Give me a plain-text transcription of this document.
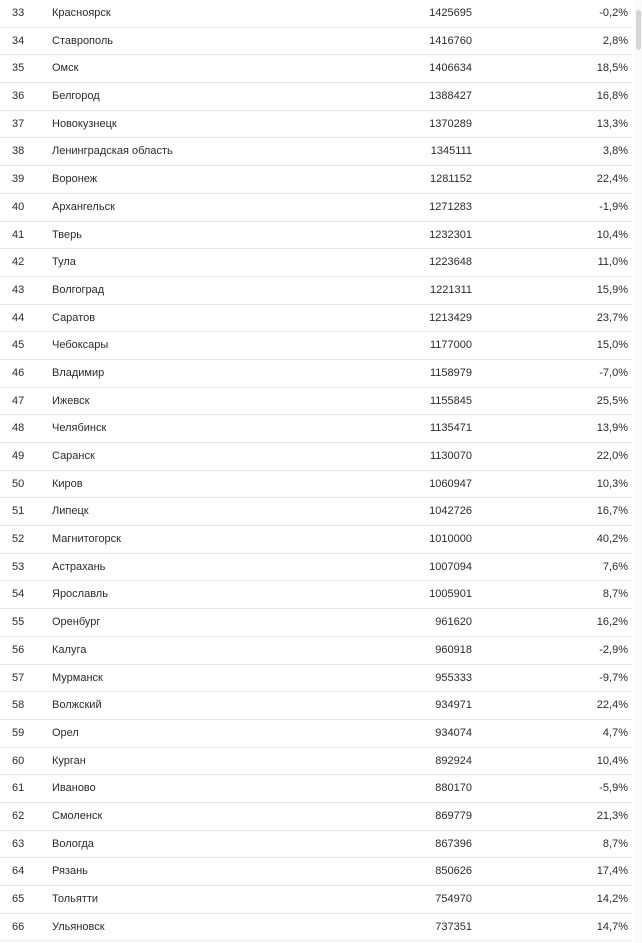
33	Красноярск	1425695	-0,2%
34	Ставрополь	1416760	2,8%
35	Омск	1406634	18,5%
36	Белгород	1388427	16,8%
37	Новокузнецк	1370289	13,3%
38	Ленинградская область	1345111	3,8%
39	Воронеж	1281152	22,4%
40	Архангельск	1271283	-1,9%
41	Тверь	1232301	10,4%
42	Тула	1223648	11,0%
43	Волгоград	1221311	15,9%
44	Саратов	1213429	23,7%
45	Чебоксары	1177000	15,0%
46	Владимир	1158979	-7,0%
47	Ижевск	1155845	25,5%
48	Челябинск	1135471	13,9%
49	Саранск	1130070	22,0%
50	Киров	1060947	10,3%
51	Липецк	1042726	16,7%
52	Магнитогорск	1010000	40,2%
53	Астрахань	1007094	7,6%
54	Ярославль	1005901	8,7%
55	Оренбург	961620	16,2%
56	Калуга	960918	-2,9%
57	Мурманск	955333	-9,7%
58	Волжский	934971	22,4%
59	Орел	934074	4,7%
60	Курган	892924	10,4%
61	Иваново	880170	-5,9%
62	Смоленск	869779	21,3%
63	Вологда	867396	8,7%
64	Рязань	850626	17,4%
65	Тольятти	754970	14,2%
66	Ульяновск	737351	14,7%
